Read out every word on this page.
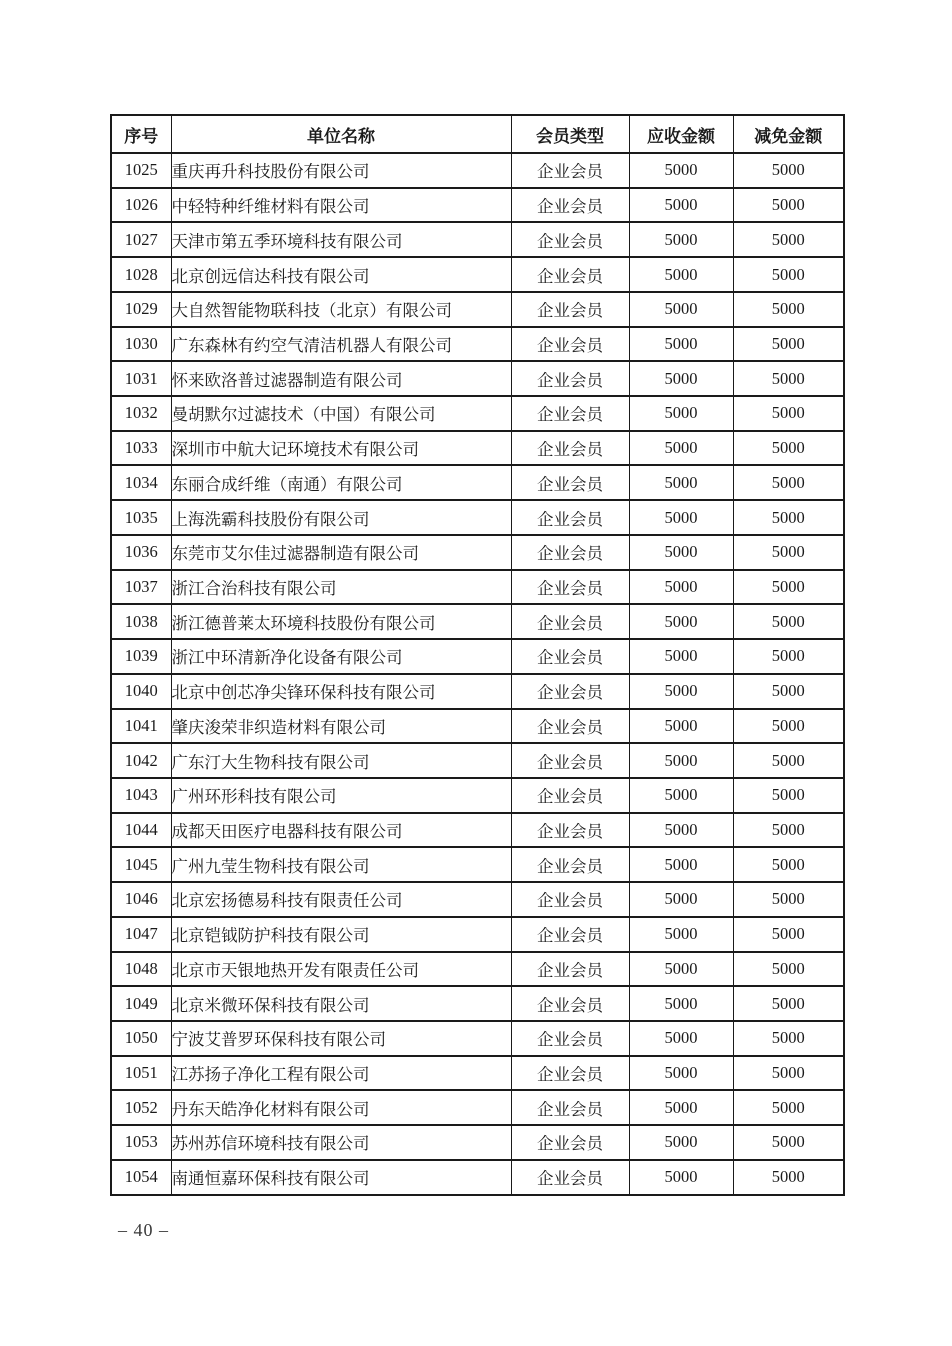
序号	单位名称	会员类型	应收金额	减免金额
1025	重庆再升科技股份有限公司	企业会员	5000	5000
1026	中轻特种纤维材料有限公司	企业会员	5000	5000
1027	天津市第五季环境科技有限公司	企业会员	5000	5000
1028	北京创远信达科技有限公司	企业会员	5000	5000
1029	大自然智能物联科技（北京）有限公司	企业会员	5000	5000
1030	广东森林有约空气清洁机器人有限公司	企业会员	5000	5000
1031	怀来欧洛普过滤器制造有限公司	企业会员	5000	5000
1032	曼胡默尔过滤技术（中国）有限公司	企业会员	5000	5000
1033	深圳市中航大记环境技术有限公司	企业会员	5000	5000
1034	东丽合成纤维（南通）有限公司	企业会员	5000	5000
1035	上海洗霸科技股份有限公司	企业会员	5000	5000
1036	东莞市艾尔佳过滤器制造有限公司	企业会员	5000	5000
1037	浙江合治科技有限公司	企业会员	5000	5000
1038	浙江德普莱太环境科技股份有限公司	企业会员	5000	5000
1039	浙江中环清新净化设备有限公司	企业会员	5000	5000
1040	北京中创芯净尖锋环保科技有限公司	企业会员	5000	5000
1041	肇庆浚荣非织造材料有限公司	企业会员	5000	5000
1042	广东汀大生物科技有限公司	企业会员	5000	5000
1043	广州环形科技有限公司	企业会员	5000	5000
1044	成都天田医疗电器科技有限公司	企业会员	5000	5000
1045	广州九莹生物科技有限公司	企业会员	5000	5000
1046	北京宏扬德易科技有限责任公司	企业会员	5000	5000
1047	北京铠钺防护科技有限公司	企业会员	5000	5000
1048	北京市天银地热开发有限责任公司	企业会员	5000	5000
1049	北京米微环保科技有限公司	企业会员	5000	5000
1050	宁波艾普罗环保科技有限公司	企业会员	5000	5000
1051	江苏扬子净化工程有限公司	企业会员	5000	5000
1052	丹东天皓净化材料有限公司	企业会员	5000	5000
1053	苏州苏信环境科技有限公司	企业会员	5000	5000
1054	南通恒嘉环保科技有限公司	企业会员	5000	5000
– 40 –
